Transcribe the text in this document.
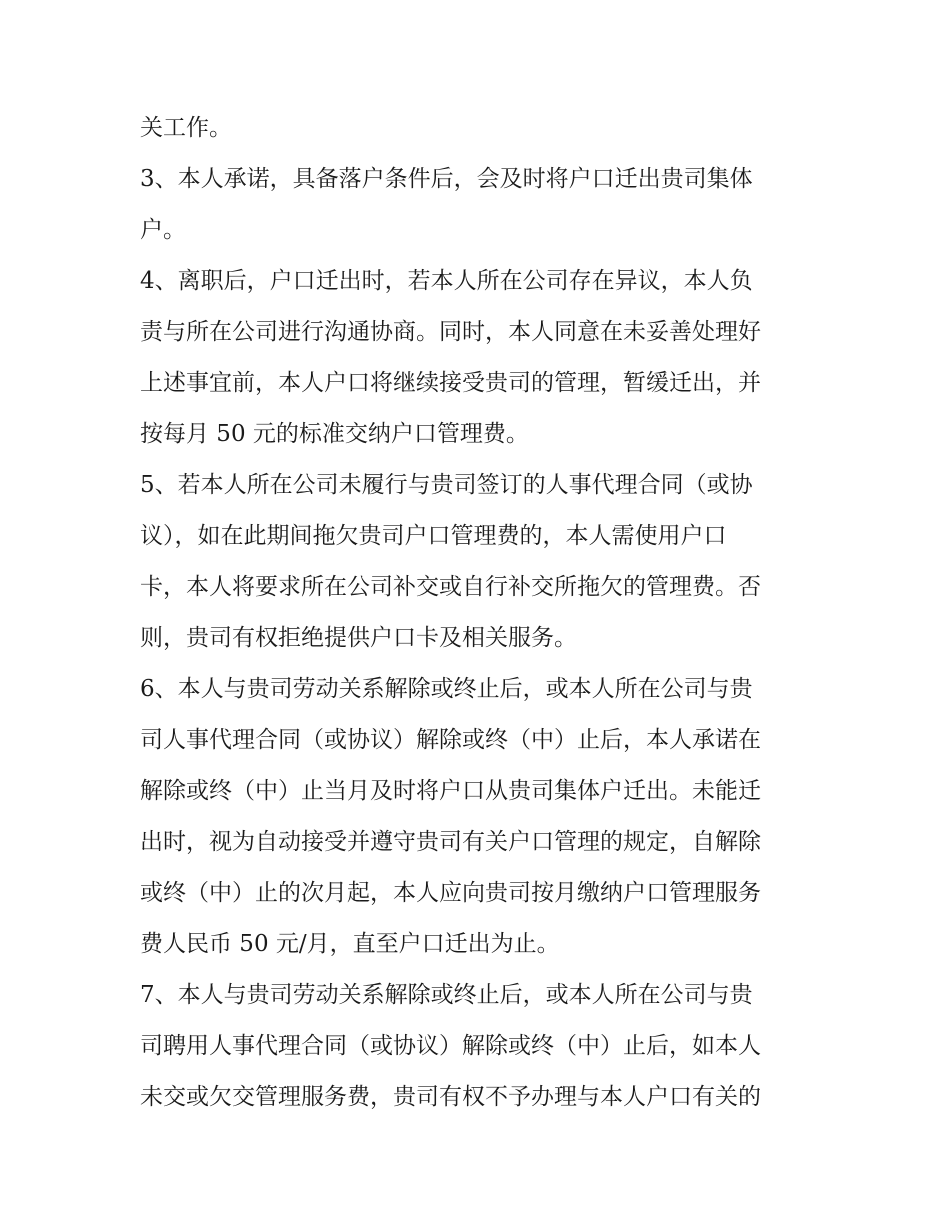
关工作。
3、本人承诺，具备落户条件后，会及时将户口迁出贵司集体
户。
4、离职后，户口迁出时，若本人所在公司存在异议，本人负
责与所在公司进行沟通协商。同时，本人同意在未妥善处理好
上述事宜前，本人户口将继续接受贵司的管理，暂缓迁出，并
按每月 50 元的标准交纳户口管理费。
5、若本人所在公司未履行与贵司签订的人事代理合同（或协
议），如在此期间拖欠贵司户口管理费的，本人需使用户口
卡，本人将要求所在公司补交或自行补交所拖欠的管理费。否
则，贵司有权拒绝提供户口卡及相关服务。
6、本人与贵司劳动关系解除或终止后，或本人所在公司与贵
司人事代理合同（或协议）解除或终（中）止后，本人承诺在
解除或终（中）止当月及时将户口从贵司集体户迁出。未能迁
出时，视为自动接受并遵守贵司有关户口管理的规定，自解除
或终（中）止的次月起，本人应向贵司按月缴纳户口管理服务
费人民币 50 元/月，直至户口迁出为止。
7、本人与贵司劳动关系解除或终止后，或本人所在公司与贵
司聘用人事代理合同（或协议）解除或终（中）止后，如本人
未交或欠交管理服务费，贵司有权不予办理与本人户口有关的
